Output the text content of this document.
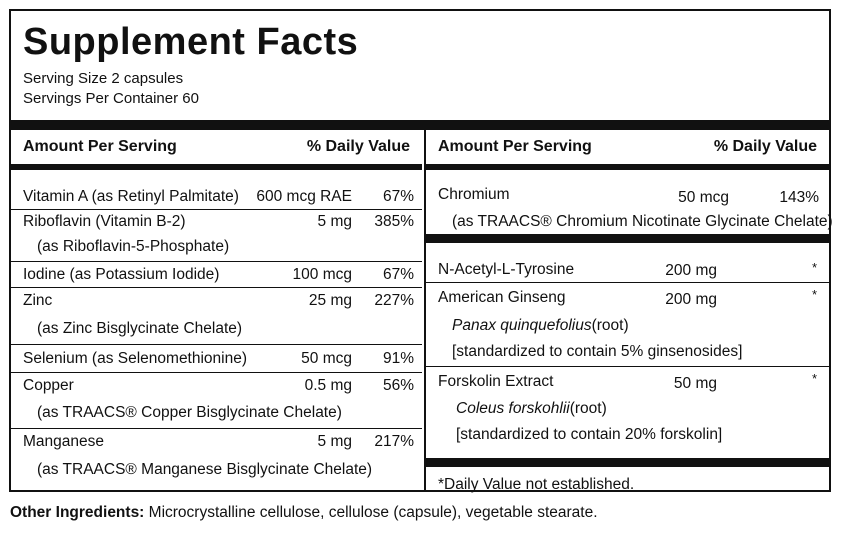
Supplement Facts
Serving Size 2 capsules
Servings Per Container 60
Amount Per Serving	% Daily Value
Vitamin A (as Retinyl Palmitate) 600 mcg RAE 67%
Riboflavin (Vitamin B-2)	5 mg 385%
(as Riboflavin-5-Phosphate)
Iodine (as Potassium Iodide)	100 mcg 67%
Zinc	25 mg 227%
(as Zinc Bisglycinate Chelate)
Selenium (as Selenomethionine)	50 mcg 91%
Copper	0.5 mg 56%
(as TRAACS® Copper Bisglycinate Chelate)
Manganese	5 mg 217%
(as TRAACS® Manganese Bisglycinate Chelate)
Amount Per Serving	% Daily Value
Chromium	50 mcg	143%
(as TRAACS® Chromium Nicotinate Glycinate Chelate)
N-Acetyl-L-Tyrosine	200 mg	*
American Ginseng	200 mg	*
Panax quinquefolius(root)
[standardized to contain 5% ginsenosides]
Forskolin Extract	50 mg	*
Coleus forskohlii(root)
[standardized to contain 20% forskolin]
*Daily Value not established.
Other Ingredients: Microcrystalline cellulose, cellulose (capsule), vegetable stearate.
